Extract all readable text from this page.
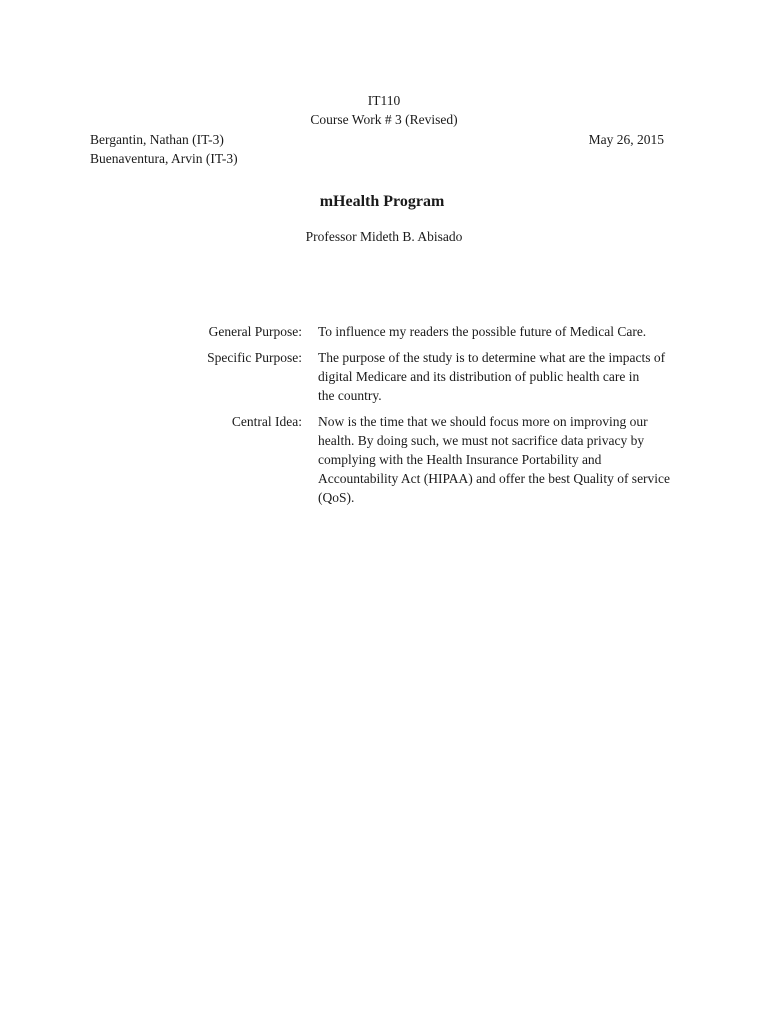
IT110
Course Work # 3 (Revised)
Bergantin, Nathan (IT-3)	May 26, 2015
Buenaventura, Arvin (IT-3)
mHealth Program
Professor Mideth B. Abisado
General Purpose: To influence my readers the possible future of Medical Care.
Specific Purpose: The purpose of the study is to determine what are the impacts of
digital Medicare and its distribution of public health care in
the country.
Central Idea: Now is the time that we should focus more on improving our
health. By doing such, we must not sacrifice data privacy by
complying with the Health Insurance Portability and
Accountability Act (HIPAA) and offer the best Quality of service
(QoS).
